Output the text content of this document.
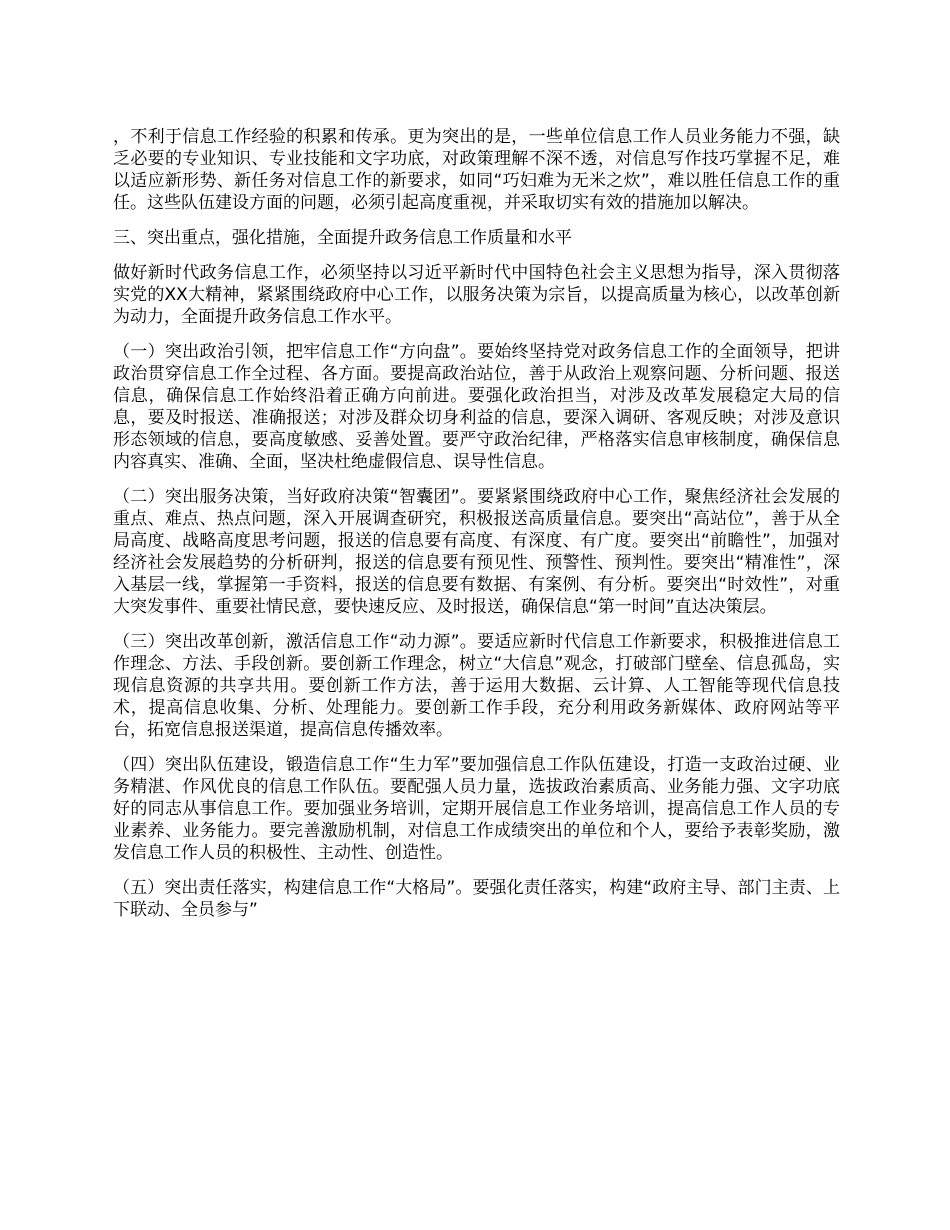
，不利于信息工作经验的积累和传承。更为突出的是，一些单位信息工作人员业务能力不强，缺乏必要的专业知识、专业技能和文字功底，对政策理解不深不透，对信息写作技巧掌握不足，难以适应新形势、新任务对信息工作的新要求，如同“巧妇难为无米之炊”，难以胜任信息工作的重任。这些队伍建设方面的问题，必须引起高度重视，并采取切实有效的措施加以解决。

三、突出重点，强化措施，全面提升政务信息工作质量和水平

做好新时代政务信息工作，必须坚持以习近平新时代中国特色社会主义思想为指导，深入贯彻落实党的XX大精神，紧紧围绕政府中心工作，以服务决策为宗旨，以提高质量为核心，以改革创新为动力，全面提升政务信息工作水平。

（一）突出政治引领，把牢信息工作“方向盘”。要始终坚持党对政务信息工作的全面领导，把讲政治贯穿信息工作全过程、各方面。要提高政治站位，善于从政治上观察问题、分析问题、报送信息，确保信息工作始终沿着正确方向前进。要强化政治担当，对涉及改革发展稳定大局的信息，要及时报送、准确报送；对涉及群众切身利益的信息，要深入调研、客观反映；对涉及意识形态领域的信息，要高度敏感、妥善处置。要严守政治纪律，严格落实信息审核制度，确保信息内容真实、准确、全面，坚决杜绝虚假信息、误导性信息。

（二）突出服务决策，当好政府决策“智囊团”。要紧紧围绕政府中心工作，聚焦经济社会发展的重点、难点、热点问题，深入开展调查研究，积极报送高质量信息。要突出“高站位”，善于从全局高度、战略高度思考问题，报送的信息要有高度、有深度、有广度。要突出“前瞻性”，加强对经济社会发展趋势的分析研判，报送的信息要有预见性、预警性、预判性。要突出“精准性”，深入基层一线，掌握第一手资料，报送的信息要有数据、有案例、有分析。要突出“时效性”，对重大突发事件、重要社情民意，要快速反应、及时报送，确保信息“第一时间”直达决策层。

（三）突出改革创新，激活信息工作“动力源”。要适应新时代信息工作新要求，积极推进信息工作理念、方法、手段创新。要创新工作理念，树立“大信息”观念，打破部门壁垒、信息孤岛，实现信息资源的共享共用。要创新工作方法，善于运用大数据、云计算、人工智能等现代信息技术，提高信息收集、分析、处理能力。要创新工作手段，充分利用政务新媒体、政府网站等平台，拓宽信息报送渠道，提高信息传播效率。

（四）突出队伍建设，锻造信息工作“生力军”要加强信息工作队伍建设，打造一支政治过硬、业务精湛、作风优良的信息工作队伍。要配强人员力量，选拔政治素质高、业务能力强、文字功底好的同志从事信息工作。要加强业务培训，定期开展信息工作业务培训，提高信息工作人员的专业素养、业务能力。要完善激励机制，对信息工作成绩突出的单位和个人，要给予表彰奖励，激发信息工作人员的积极性、主动性、创造性。

（五）突出责任落实，构建信息工作“大格局”。要强化责任落实，构建“政府主导、部门主责、上下联动、全员参与”
